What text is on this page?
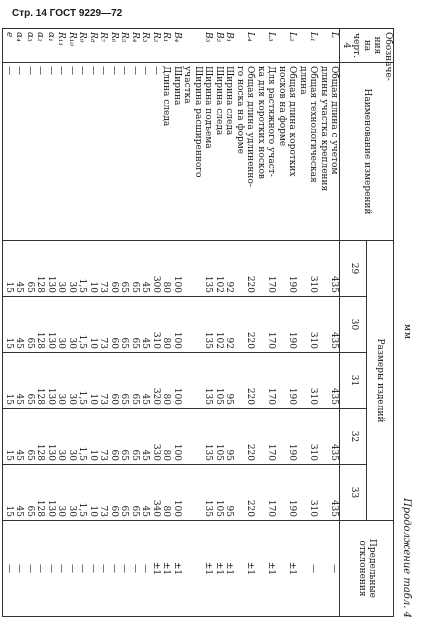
Стр. 14 ГОСТ 9229—72
Продолжение табл. 4
мм
Обозначе-ния на черт. 4	Наименование измерений	Размеры изделий					Предельные отклонения
		29	30	31	32	33	
L	Общая длина с учетом
длины участка крепления	435	435	435	435	435	—
L₁	Общая технологическая
длина	310	310	310	310	310	—
L₂	Общая длина коротких
носков на форме	190	190	190	190	190	±1
L₃	Для растяжного участ-
ка для коротких носков	170	170	170	170	170	±1
L₄	Общая длина удлиненно-
го носка на форме	220	220	220	220	220	±1
B₁	Ширина следа	92	92	95	95	95	±1
B₂	Ширина следа	102	102	105	105	105	±1
B₃	Ширина подъема	135	135	135	135	135	±1

	Ширина расширенного
участка						

B₄	Ширина	100	100	100	100	100	±1
R₁	Длина следа	80	80	80	80	80	±1
R₂	—	300	310	320	330	340	±1
R₃	—	45	45	45	45	45	—
R₄	—	65	65	65	65	65	—
R₅	—	65	65	65	65	65	—
R₆	—	60	60	60	60	60	—
R₇	—	73	73	73	73	73	—
R₈	—	10	10	10	10	10	—
R₉	—	1,5	1,5	1,5	1,5	1,5	—
R₁₀	—	30	30	30	30	30	—
R₁₁	—	30	30	30	30	30	—
α₁	—	130	130	130	130	130	—
α₂	—	128	128	128	128	128	—
α₃	—	65	65	65	65	65	—
α₄	—	45	45	45	45	45	—
e	—	15	15	15	15	15	—
